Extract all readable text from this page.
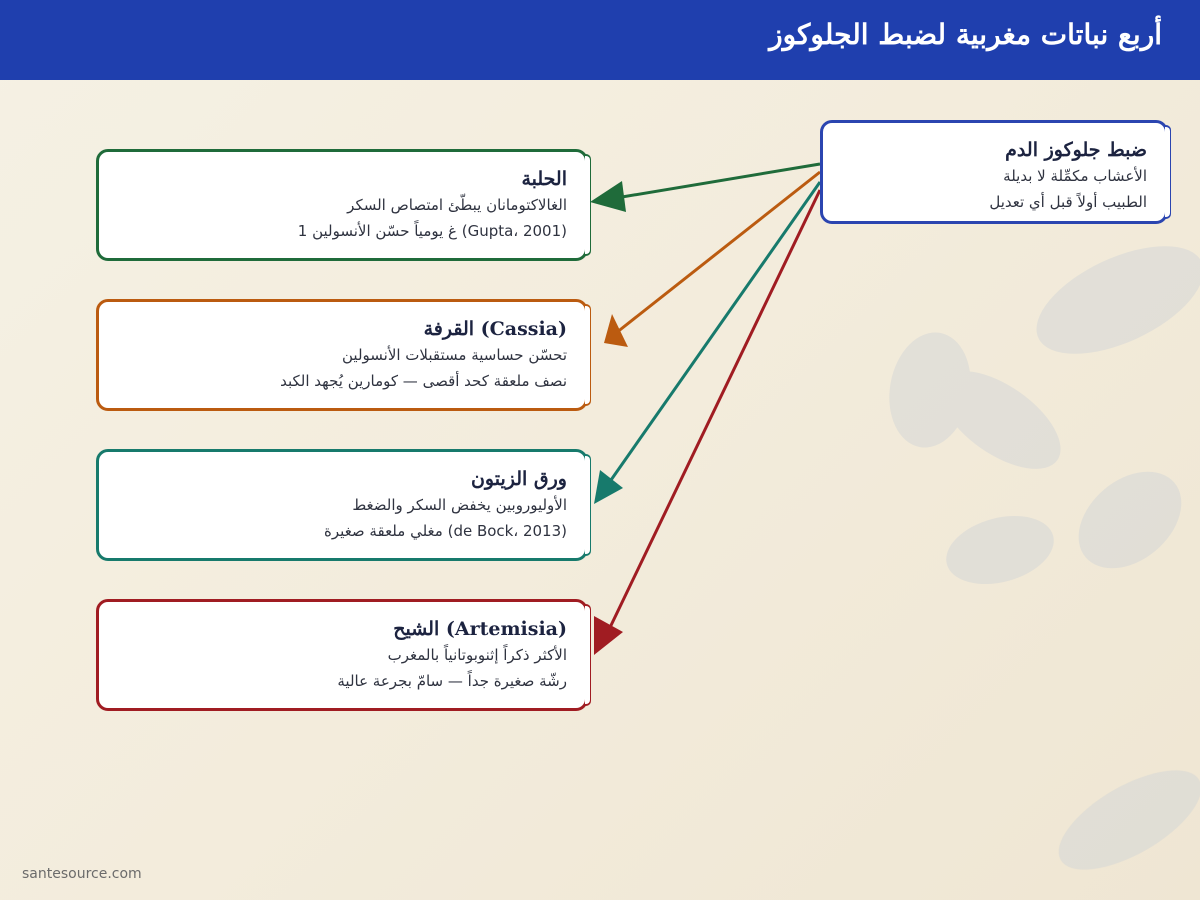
أربع نباتات مغربية لضبط الجلوكوز
ضبط جلوكوز الدم
الأعشاب مكمِّلة لا بديلة
الطبيب أولاً قبل أي تعديل
الحلبة
الغالاكتومانان يبطّئ امتصاص السكر
(Gupta، 2001) غ يومياً حسّن الأنسولين 1
(Cassia) القرفة
تحسّن حساسية مستقبلات الأنسولين
نصف ملعقة كحد أقصى — كومارين يُجهد الكبد
ورق الزيتون
الأوليوروبين يخفض السكر والضغط
(de Bock، 2013) مغلي ملعقة صغيرة
(Artemisia) الشيح
الأكثر ذكراً إثنوبوتانياً بالمغرب
رشّة صغيرة جداً — سامّ بجرعة عالية
santesource.com
